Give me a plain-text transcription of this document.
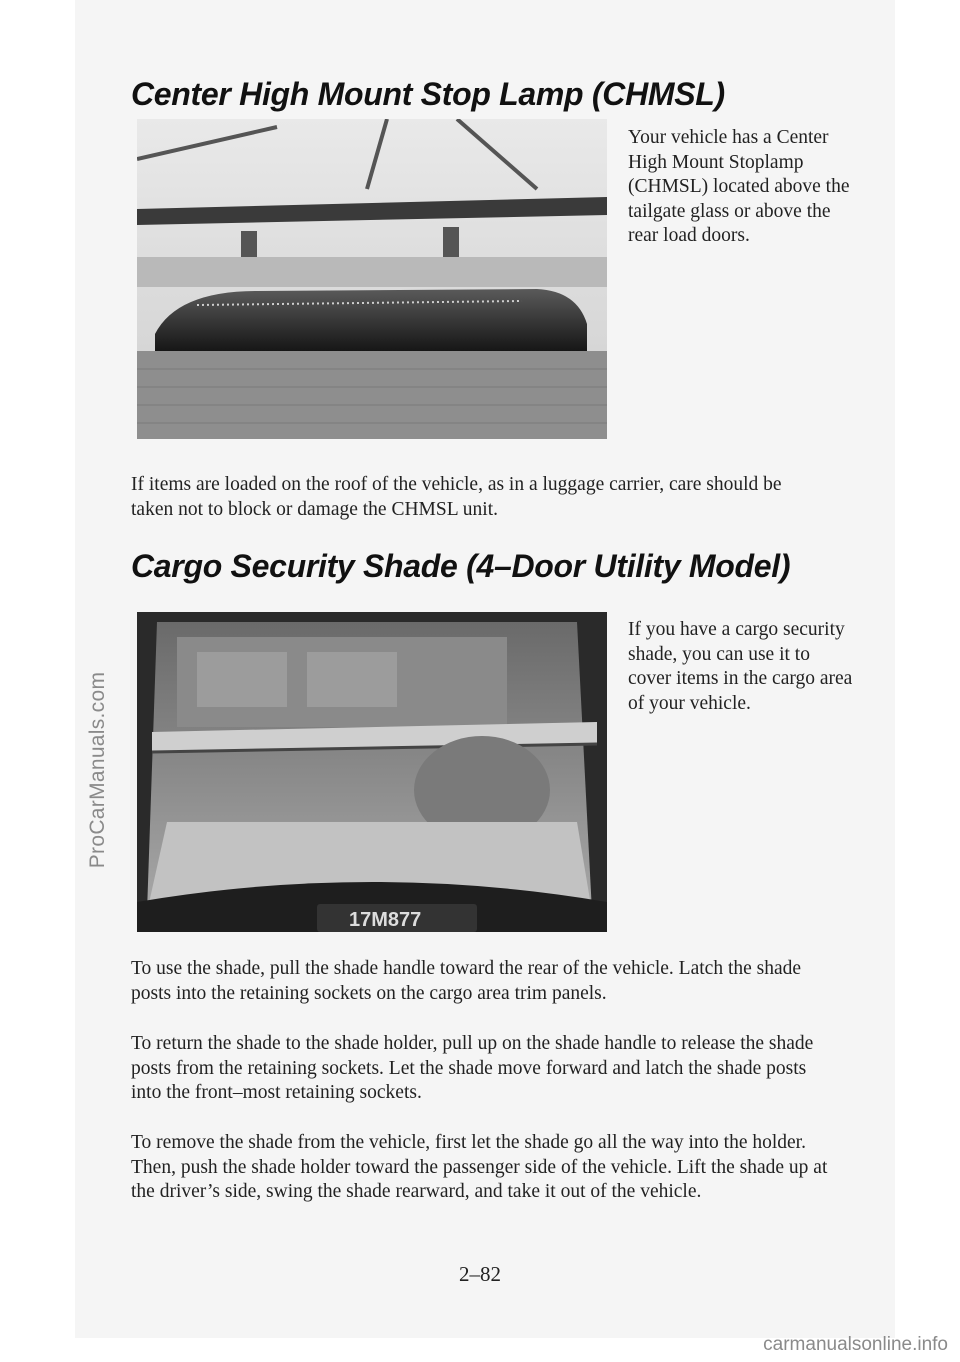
ProCarManuals.com
Center High Mount Stop Lamp (CHMSL)

Your vehicle has a Center High Mount Stoplamp (CHMSL) located above the tailgate glass or above the rear load doors.

If items are loaded on the roof of the vehicle, as in a luggage carrier, care should be taken not to block or damage the CHMSL unit.

Cargo Security Shade (4–Door Utility Model)
17M877

If you have a cargo security shade, you can use it to cover items in the cargo area of your vehicle.

To use the shade, pull the shade handle toward the rear of the vehicle. Latch the shade posts into the retaining sockets on the cargo area trim panels.

To return the shade to the shade holder, pull up on the shade handle to release the shade posts from the retaining sockets. Let the shade move forward and latch the shade posts into the front–most retaining sockets.

To remove the shade from the vehicle, first let the shade go all the way into the holder. Then, push the shade holder toward the passenger side of the vehicle. Lift the shade up at the driver’s side, swing the shade rearward, and take it out of the vehicle.

2–82
carmanualsonline.info
